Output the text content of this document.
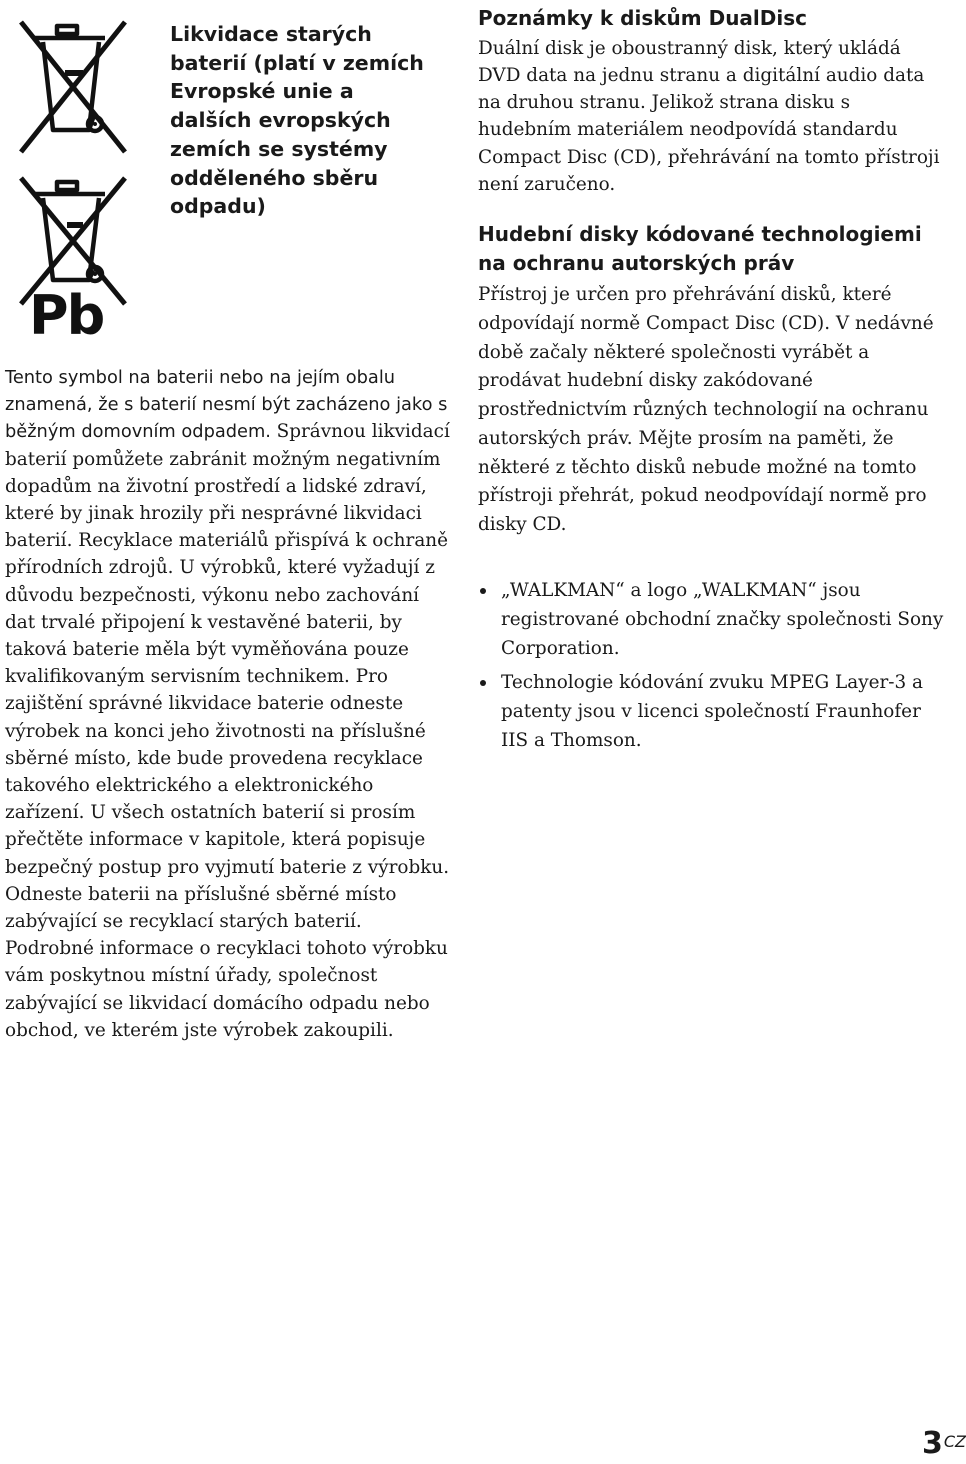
Pb
Likvidace starých baterií (platí v zemích Evropské unie a dalších evropských zemích se systémy odděleného sběru odpadu)

Tento symbol na baterii nebo na jejím obalu znamená, že s baterií nesmí být zacházeno jako s běžným domovním odpadem. Správnou likvidací baterií pomůžete zabránit možným negativním dopadům na životní prostředí a lidské zdraví, které by jinak hrozily při nesprávné likvidaci baterií. Recyklace materiálů přispívá k ochraně přírodních zdrojů. U výrobků, které vyžadují z důvodu bezpečnosti, výkonu nebo zachování dat trvalé připojení k vestavěné baterii, by taková baterie měla být vyměňována pouze kvalifikovaným servisním technikem. Pro zajištění správné likvidace baterie odneste výrobek na konci jeho životnosti na příslušné sběrné místo, kde bude provedena recyklace takového elektrického a elektronického zařízení. U všech ostatních baterií si prosím přečtěte informace v kapitole, která popisuje bezpečný postup pro vyjmutí baterie z výrobku. Odneste baterii na příslušné sběrné místo zabývající se recyklací starých baterií.

Podrobné informace o recyklaci tohoto výrobku vám poskytnou místní úřady, společnost zabývající se likvidací domácího odpadu nebo obchod, ve kterém jste výrobek zakoupili.

Poznámky k diskům DualDisc

Duální disk je oboustranný disk, který ukládá DVD data na jednu stranu a digitální audio data na druhou stranu. Jelikož strana disku s hudebním materiálem neodpovídá standardu Compact Disc (CD), přehrávání na tomto přístroji není zaručeno.

Hudební disky kódované technologiemi na ochranu autorských práv

Přístroj je určen pro přehrávání disků, které odpovídají normě Compact Disc (CD). V nedávné době začaly některé společnosti vyrábět a prodávat hudební disky zakódované prostřednictvím různých technologií na ochranu autorských práv. Mějte prosím na paměti, že některé z těchto disků nebude možné na tomto přístroji přehrát, pokud neodpovídají normě pro disky CD.

„WALKMAN“ a logo „WALKMAN“ jsou registrované obchodní značky společnosti Sony Corporation.
Technologie kódování zvuku MPEG Layer-3 a patenty jsou v licenci společností Fraunhofer IIS a Thomson.
$3^{CZ}$
